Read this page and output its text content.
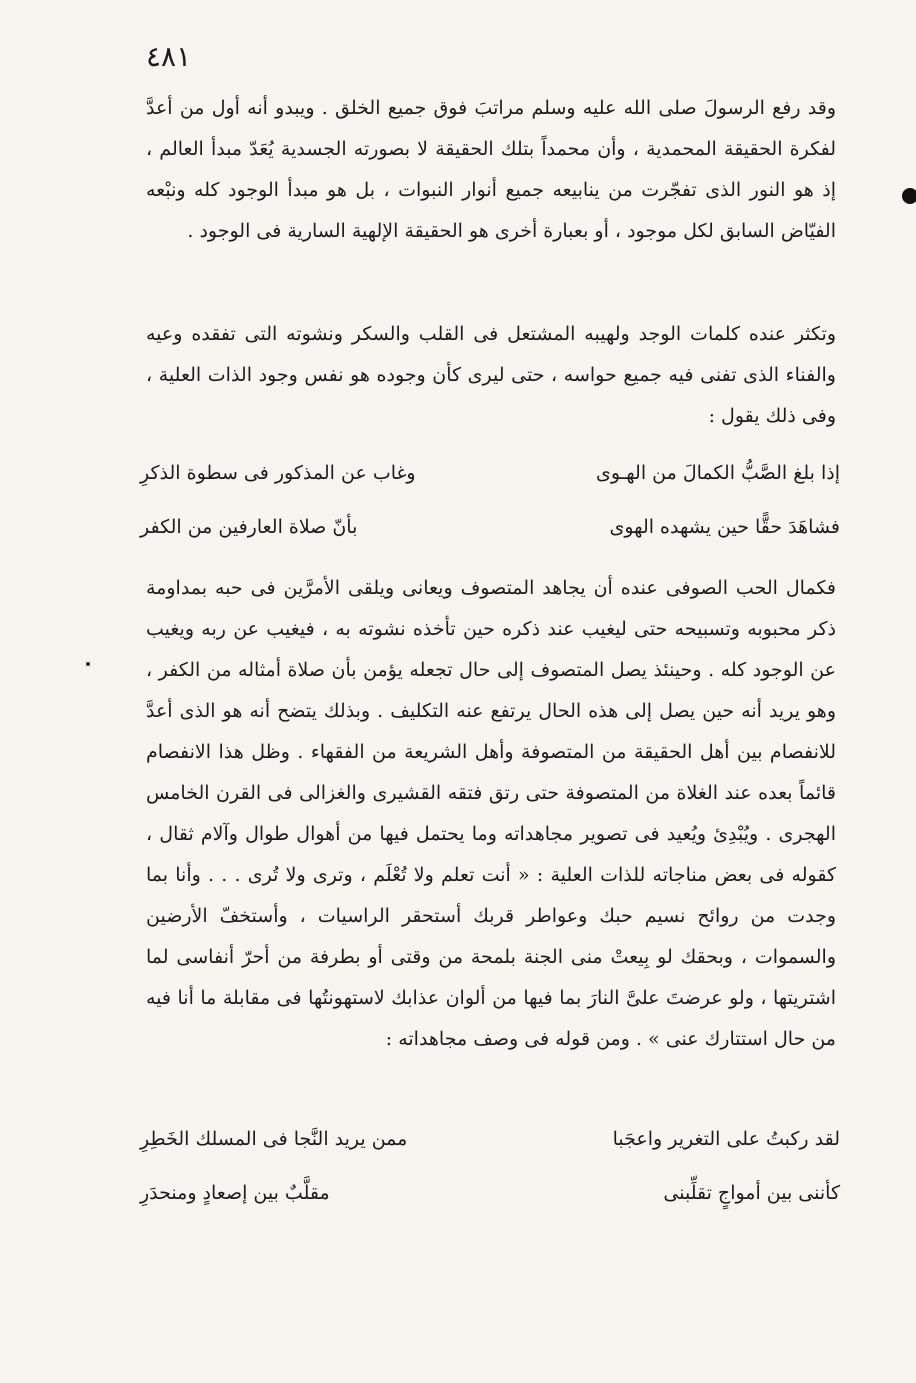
٤٨١

وقد رفع الرسولَ صلى الله عليه وسلم مراتبَ فوق جميع الخلق . ويبدو أنه أول من أعدَّ لفكرة الحقيقة المحمدية ، وأن محمداً بتلك الحقيقة لا بصورته الجسدية يُعَدّ مبدأ العالم ، إذ هو النور الذى تفجّرت من ينابيعه جميع أنوار النبوات ، بل هو مبدأ الوجود كله ونبْعه الفيّاض السابق لكل موجود ، أو بعبارة أخرى هو الحقيقة الإلهية السارية فى الوجود .

وتكثر عنده كلمات الوجد ولهيبه المشتعل فى القلب والسكر ونشوته التى تفقده وعيه والفناء الذى تفنى فيه جميع حواسه ، حتى ليرى كأن وجوده هو نفس وجود الذات العلية ، وفى ذلك يقول :

إذا بلغ الصَّبُّ الكمالَ من الهـوى
وغاب عن المذكور فى سطوة الذكرِ
فشاهَدَ حقًّا حين يشهده الهوى
بأنّ صلاة العارفين من الكفر

فكمال الحب الصوفى عنده أن يجاهد المتصوف ويعانى ويلقى الأمرَّين فى حبه بمداومة ذكر محبوبه وتسبيحه حتى ليغيب عند ذكره حين تأخذه نشوته به ، فيغيب عن ربه ويغيب عن الوجود كله . وحينئذ يصل المتصوف إلى حال تجعله يؤمن بأن صلاة أمثاله من الكفر ، وهو يريد أنه حين يصل إلى هذه الحال يرتفع عنه التكليف . وبذلك يتضح أنه هو الذى أعدَّ للانفصام بين أهل الحقيقة من المتصوفة وأهل الشريعة من الفقهاء . وظل هذا الانفصام قائماً بعده عند الغلاة من المتصوفة حتى رتق فتقه القشيرى والغزالى فى القرن الخامس الهجرى . ويُبْدِئ ويُعيد فى تصوير مجاهداته وما يحتمل فيها من أهوال طوال وآلام ثقال ، كقوله فى بعض مناجاته للذات العلية : « أنت تعلم ولا تُعْلَم ، وترى ولا تُرى . . . وأنا بما وجدت من روائح نسيم حبك وعواطر قربك أستحقر الراسيات ، وأستخفّ الأرضين والسموات ، وبحقك لو بِيعتْ منى الجنة بلمحة من وقتى أو بطرفة من أحرّ أنفاسى لما اشتريتها ، ولو عرضتَ علىَّ النارَ بما فيها من ألوان عذابك لاستهونتُها فى مقابلة ما أنا فيه من حال استتارك عنى » . ومن قوله فى وصف مجاهداته :

لقد ركبتُ على التغرير واعجَبا
ممن يريد النَّجا فى المسلك الخَطِرِ
كأننى بين أمواجٍ تقلِّبنى
مقلَّبٌ بين إصعادٍ ومنحدَرِ
